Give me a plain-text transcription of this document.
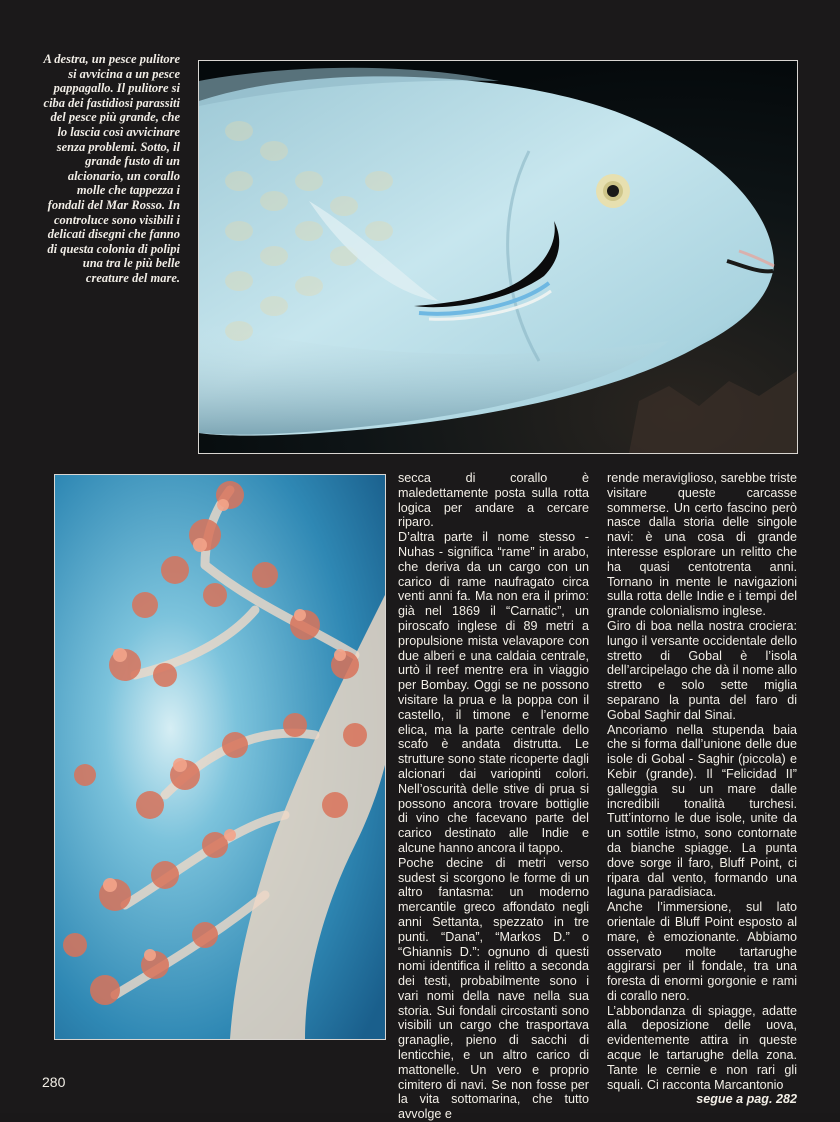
A destra, un pesce pulitore si avvicina a un pesce pappagallo. Il pulitore si ciba dei fastidiosi parassiti del pesce più grande, che lo lascia così avvicinare senza problemi. Sotto, il grande fusto di un alcionario, un corallo molle che tappezza i fondali del Mar Rosso. In controluce sono visibili i delicati disegni che fanno di questa colonia di polipi una tra le più belle creature del mare.

secca di corallo è maledettamente posta sulla rotta logica per andare a cercare riparo.

D’altra parte il nome stesso - Nuhas - significa “rame” in arabo, che deriva da un cargo con un carico di rame naufragato circa venti anni fa. Ma non era il primo: già nel 1869 il “Carnatic”, un piroscafo inglese di 89 metri a propulsione mista velavapore con due alberi e una caldaia centrale, urtò il reef mentre era in viaggio per Bombay. Oggi se ne possono visitare la prua e la poppa con il castello, il timone e l’enorme elica, ma la parte centrale dello scafo è andata distrutta. Le strutture sono state ricoperte dagli alcionari dai variopinti colori. Nell’oscurità delle stive di prua si possono ancora trovare bottiglie di vino che facevano parte del carico destinato alle Indie e alcune hanno ancora il tappo.

Poche decine di metri verso sudest si scorgono le forme di un altro fantasma: un moderno mercantile greco affondato negli anni Settanta, spezzato in tre punti. “Dana”, “Markos D.” o “Ghiannis D.”: ognuno di questi nomi identifica il relitto a seconda dei testi, probabilmente sono i vari nomi della nave nella sua storia. Sui fondali circostanti sono visibili un cargo che trasportava granaglie, pieno di sacchi di lenticchie, e un altro carico di mattonelle. Un vero e proprio cimitero di navi. Se non fosse per la vita sottomarina, che tutto avvolge e

rende meraviglioso, sarebbe triste visitare queste carcasse sommerse. Un certo fascino però nasce dalla storia delle singole navi: è una cosa di grande interesse esplorare un relitto che ha quasi centotrenta anni. Tornano in mente le navigazioni sulla rotta delle Indie e i tempi del grande colonialismo inglese.

Giro di boa nella nostra crociera: lungo il versante occidentale dello stretto di Gobal è l’isola dell’arcipelago che dà il nome allo stretto e solo sette miglia separano la punta del faro di Gobal Saghir dal Sinai.

Ancoriamo nella stupenda baia che si forma dall’unione delle due isole di Gobal - Saghir (piccola) e Kebir (grande). Il “Felicidad II” galleggia su un mare dalle incredibili tonalità turchesi. Tutt’intorno le due isole, unite da un sottile istmo, sono contornate da bianche spiagge. La punta dove sorge il faro, Bluff Point, ci ripara dal vento, formando una laguna paradisiaca.

Anche l’immersione, sul lato orientale di Bluff Point esposto al mare, è emozionante. Abbiamo osservato molte tartarughe aggirarsi per il fondale, tra una foresta di enormi gorgonie e rami di corallo nero.

L’abbondanza di spiagge, adatte alla deposizione delle uova, evidentemente attira in queste acque le tartarughe della zona. Tante le cernie e non rari gli squali. Ci racconta Marcantonio

segue a pag. 282

280
